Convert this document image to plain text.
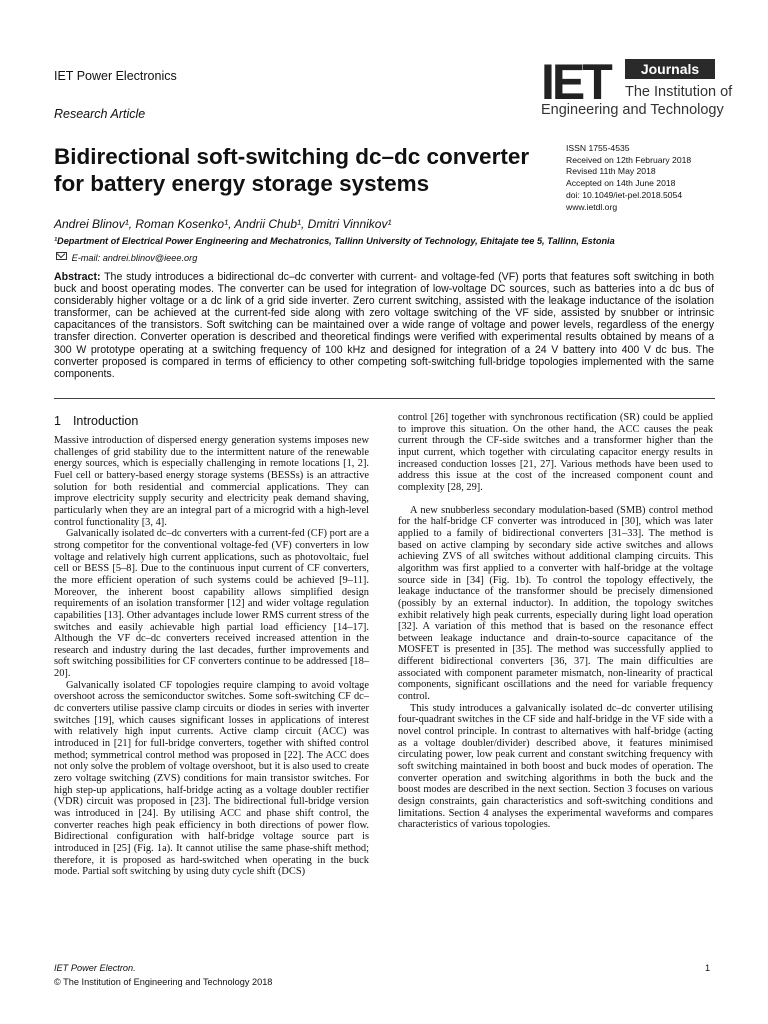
IET Power Electronics
Research Article
IET	Journals
The Institution of
Engineering and Technology
Bidirectional soft-switching dc–dc converter for battery energy storage systems
ISSN 1755-4535
Received on 12th February 2018
Revised 11th May 2018
Accepted on 14th June 2018
doi: 10.1049/iet-pel.2018.5054
www.ietdl.org
Andrei Blinov¹, Roman Kosenko¹, Andrii Chub¹, Dmitri Vinnikov¹
¹Department of Electrical Power Engineering and Mechatronics, Tallinn University of Technology, Ehitajate tee 5, Tallinn, Estonia
E-mail: andrei.blinov@ieee.org
Abstract: The study introduces a bidirectional dc–dc converter with current- and voltage-fed (VF) ports that features soft switching in both buck and boost operating modes. The converter can be used for integration of low-voltage DC sources, such as batteries into a dc bus of considerably higher voltage or a dc link of a grid side inverter. Zero current switching, assisted with the leakage inductance of the isolation transformer, can be achieved at the current-fed side along with zero voltage switching of the VF side, assisted by snubber or intrinsic capacitances of the transistors. Soft switching can be maintained over a wide range of voltage and power levels, regardless of the energy transfer direction. Converter operation is described and theoretical findings were verified with experimental results obtained by means of a 300 W prototype operating at a switching frequency of 100 kHz and designed for integration of a 24 V battery into 400 V dc bus. The converter proposed is compared in terms of efficiency to other competing soft-switching full-bridge topologies implemented with the same components.
1 Introduction

Massive introduction of dispersed energy generation systems imposes new challenges of grid stability due to the intermittent nature of the renewable energy sources, which is especially challenging in remote locations [1, 2]. Fuel cell or battery-based energy storage systems (BESSs) is an attractive solution for both residential and commercial applications. They can improve electricity supply security and electricity peak demand shaving, particularly when they are an integral part of a microgrid with a high-level control functionality [3, 4].

Galvanically isolated dc–dc converters with a current-fed (CF) port are a strong competitor for the conventional voltage-fed (VF) converters in low voltage and relatively high current applications, such as photovoltaic, fuel cell or BESS [5–8]. Due to the continuous input current of CF converters, the more efficient operation of such systems could be achieved [9–11]. Moreover, the inherent boost capability allows simplified design requirements of an isolation transformer [12] and wider voltage regulation capabilities [13]. Other advantages include lower RMS current stress of the switches and easily achievable high partial load efficiency [14–17]. Although the VF dc–dc converters received increased attention in the research and industry during the last decades, further improvements and soft switching possibilities for CF converters continue to be addressed [18–20].

Galvanically isolated CF topologies require clamping to avoid voltage overshoot across the semiconductor switches. Some soft-switching CF dc–dc converters utilise passive clamp circuits or diodes in series with inverter switches [19], which causes significant losses in applications of interest with relatively high input currents. Active clamp circuit (ACC) was introduced in [21] for full-bridge converters, together with shifted control method; symmetrical control method was proposed in [22]. The ACC does not only solve the problem of voltage overshoot, but it is also used to create zero voltage switching (ZVS) conditions for main transistor switches. For high step-up applications, half-bridge acting as a voltage doubler rectifier (VDR) circuit was proposed in [23]. The bidirectional full-bridge version was introduced in [24]. By utilising ACC and phase shift control, the converter reaches high peak efficiency in both directions of power flow. Bidirectional configuration with half-bridge voltage source part is introduced in [25] (Fig. 1a). It cannot utilise the same phase-shift method; therefore, it is proposed as hard-switched when operating in the buck mode. Partial soft switching by using duty cycle shift (DCS)

control [26] together with synchronous rectification (SR) could be applied to improve this situation. On the other hand, the ACC causes the peak current through the CF-side switches and a transformer higher than the input current, which together with circulating capacitor energy results in increased conduction losses [21, 27]. Various methods have been used to address this issue at the cost of the increased component count and complexity [28, 29].

A new snubberless secondary modulation-based (SMB) control method for the half-bridge CF converter was introduced in [30], which was later applied to a family of bidirectional converters [31–33]. The method is based on active clamping by secondary side active switches and allows achieving ZVS of all switches without additional clamping circuits. This algorithm was first applied to a converter with half-bridge at the voltage source side in [34] (Fig. 1b). To control the topology effectively, the leakage inductance of the transformer should be precisely dimensioned (possibly by an external inductor). In addition, the topology switches exhibit relatively high peak currents, especially during light load operation [32]. A variation of this method that is based on the resonance effect between leakage inductance and drain-to-source capacitance of the MOSFET is presented in [35]. The method was successfully applied to different bidirectional converters [36, 37]. The main difficulties are associated with component parameter mismatch, non-linearity of practical components, significant oscillations and the need for variable frequency control.

This study introduces a galvanically isolated dc–dc converter utilising four-quadrant switches in the CF side and half-bridge in the VF side with a novel control principle. In contrast to alternatives with half-bridge (acting as a voltage doubler/divider) described above, it features minimised circulating power, low peak current and constant switching frequency with soft switching maintained in both boost and buck modes of operation. The converter operation and switching algorithms in both the buck and the boost modes are described in the next section. Section 3 focuses on various design constraints, gain characteristics and soft-switching conditions and limitations. Section 4 analyses the experimental waveforms and compares characteristics of various topologies.

IET Power Electron.
© The Institution of Engineering and Technology 2018
1
